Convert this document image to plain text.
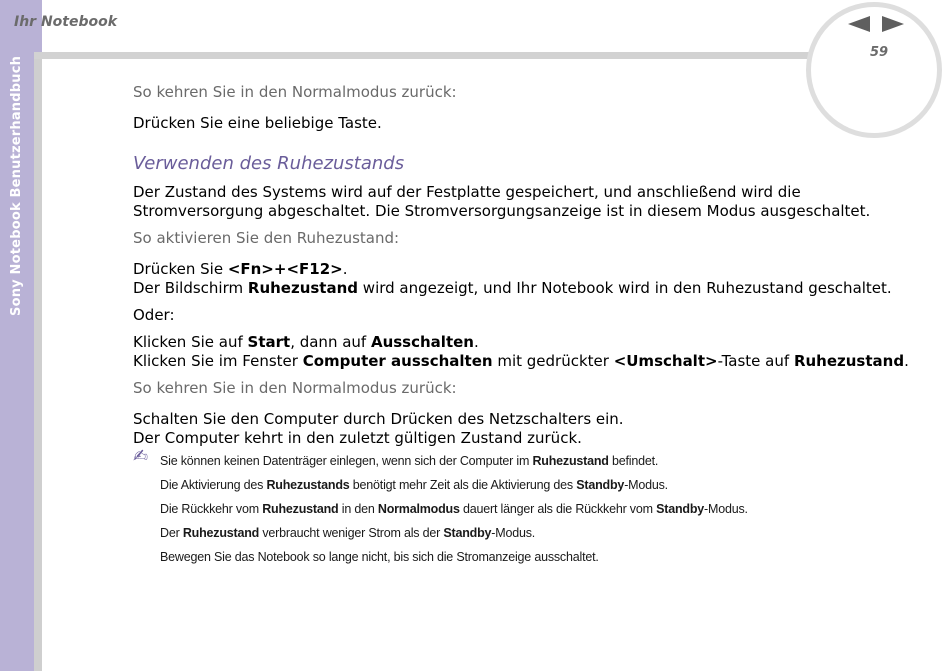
Sony Notebook Benutzerhandbuch
Ihr Notebook
59

So kehren Sie in den Normalmodus zurück:

Drücken Sie eine beliebige Taste.

Verwenden des Ruhezustands

Der Zustand des Systems wird auf der Festplatte gespeichert, und anschließend wird die Stromversorgung abgeschaltet. Die Stromversorgungsanzeige ist in diesem Modus ausgeschaltet.

So aktivieren Sie den Ruhezustand:

Drücken Sie <Fn>+<F12>.

Der Bildschirm Ruhezustand wird angezeigt, und Ihr Notebook wird in den Ruhezustand geschaltet.

Oder:

Klicken Sie auf Start, dann auf Ausschalten.

Klicken Sie im Fenster Computer ausschalten mit gedrückter <Umschalt>-Taste auf Ruhezustand.

So kehren Sie in den Normalmodus zurück:

Schalten Sie den Computer durch Drücken des Netzschalters ein.

Der Computer kehrt in den zuletzt gültigen Zustand zurück.

✍ Sie können keinen Datenträger einlegen, wenn sich der Computer im Ruhezustand befindet.

Die Aktivierung des Ruhezustands benötigt mehr Zeit als die Aktivierung des Standby-Modus.

Die Rückkehr vom Ruhezustand in den Normalmodus dauert länger als die Rückkehr vom Standby-Modus.

Der Ruhezustand verbraucht weniger Strom als der Standby-Modus.

Bewegen Sie das Notebook so lange nicht, bis sich die Stromanzeige ausschaltet.
